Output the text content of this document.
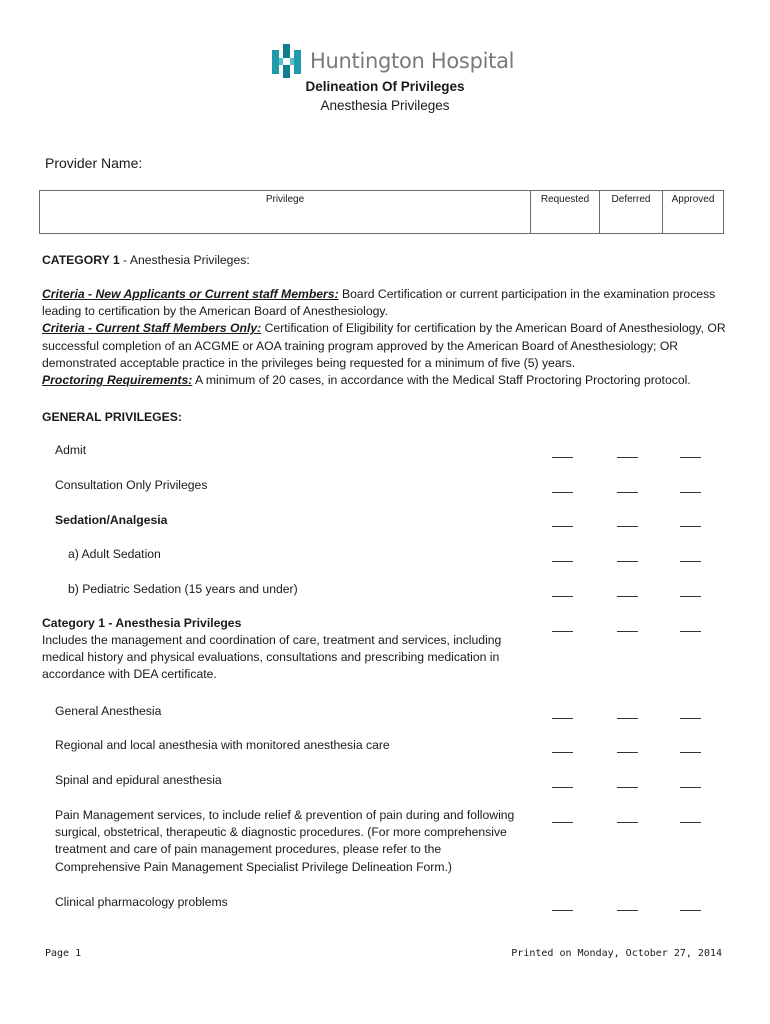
Huntington Hospital
Delineation Of Privileges
Anesthesia Privileges
Provider Name:
Privilege	Requested	Deferred	Approved
CATEGORY 1 - Anesthesia Privileges:
Criteria - New Applicants or Current staff Members: Board Certification or current participation in the examination process leading to certification by the American Board of Anesthesiology.
Criteria - Current Staff Members Only: Certification of Eligibility for certification by the American Board of Anesthesiology, OR successful completion of an ACGME or AOA training program approved by the American Board of Anesthesiology; OR demonstrated acceptable practice in the privileges being requested for a minimum of five (5) years.
Proctoring Requirements: A minimum of 20 cases, in accordance with the Medical Staff Proctoring Proctoring protocol.
GENERAL PRIVILEGES:
Admit
Consultation Only Privileges
Sedation/Analgesia
a) Adult Sedation
b) Pediatric Sedation (15 years and under)
Category 1 - Anesthesia Privileges
Includes the management and coordination of care, treatment and services, including medical history and physical evaluations, consultations and prescribing medication in accordance with DEA certificate.
General Anesthesia
Regional and local anesthesia with monitored anesthesia care
Spinal and epidural anesthesia
Pain Management services, to include relief & prevention of pain during and following surgical, obstetrical, therapeutic & diagnostic procedures. (For more comprehensive treatment and care of pain management procedures, please refer to the Comprehensive Pain Management Specialist Privilege Delineation Form.)
Clinical pharmacology problems
Page 1	Printed on Monday, October 27, 2014
